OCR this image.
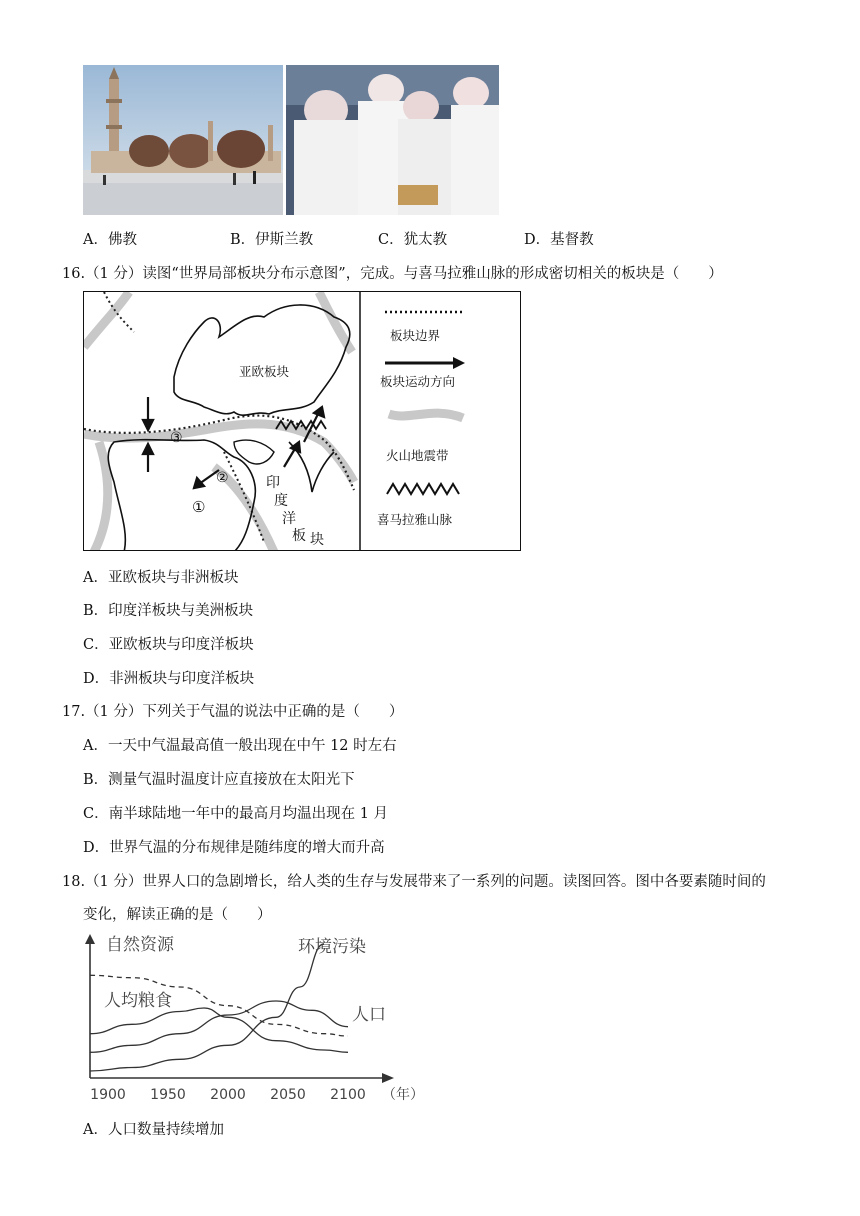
A．佛教	B．伊斯兰教	C．犹太教	D．基督教
16.（1 分）读图“世界局部板块分布示意图”，完成。与喜马拉雅山脉的形成密切相关的板块是（　　）
亚欧板块
③
②
①
印
度
洋
板 块
板块边界
板块运动方向
火山地震带
喜马拉雅山脉
A．亚欧板块与非洲板块
B．印度洋板块与美洲板块
C．亚欧板块与印度洋板块
D．非洲板块与印度洋板块
17.（1 分）下列关于气温的说法中正确的是（　　）
A．一天中气温最高值一般出现在中午 12 时左右
B．测量气温时温度计应直接放在太阳光下
C．南半球陆地一年中的最高月均温出现在 1 月
D．世界气温的分布规律是随纬度的增大而升高
18.（1 分）世界人口的急剧增长，给人类的生存与发展带来了一系列的问题。读图回答。图中各要素随时间的
变化，解读正确的是（　　）
1900 1950 2000 2050 2100 （年）
自然资源	环境污染
人均粮食
人口
A．人口数量持续增加
